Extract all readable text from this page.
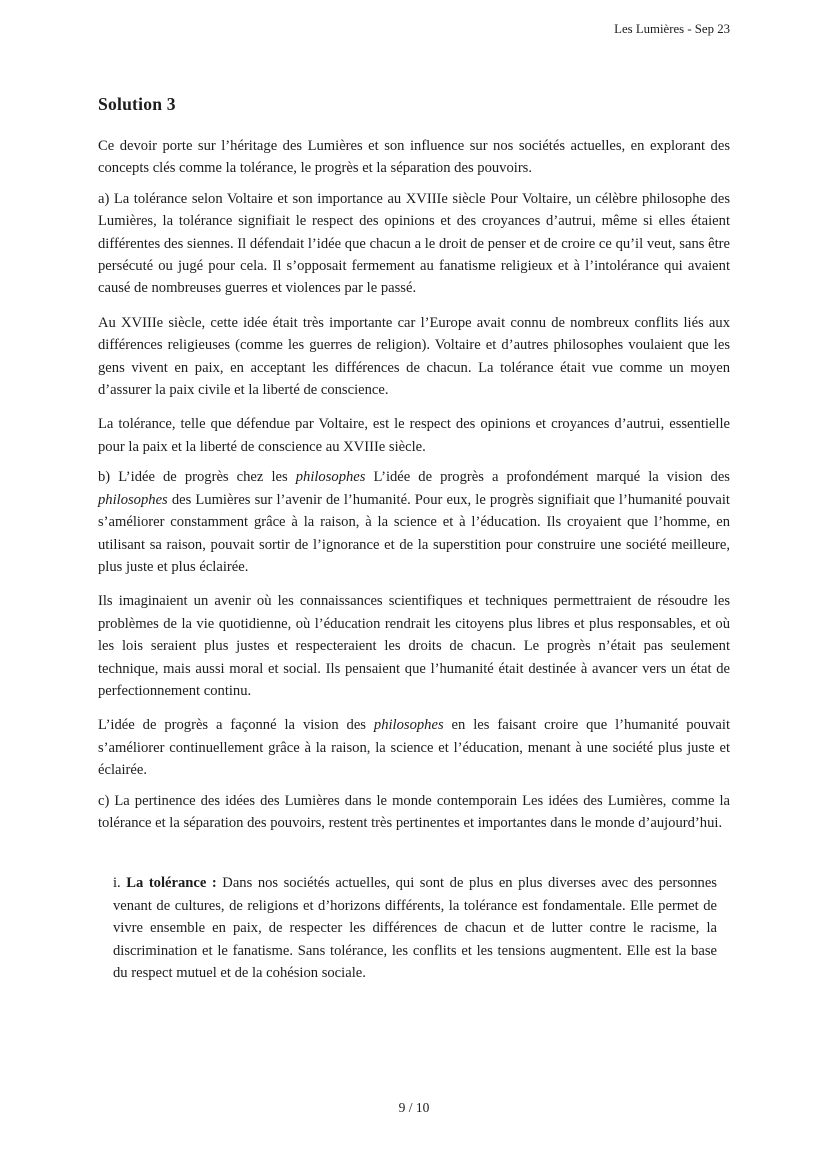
Les Lumières - Sep 23
Solution 3

Ce devoir porte sur l’héritage des Lumières et son influence sur nos sociétés actuelles, en explorant des concepts clés comme la tolérance, le progrès et la séparation des pouvoirs.

a) La tolérance selon Voltaire et son importance au XVIIIe siècle Pour Voltaire, un célèbre philosophe des Lumières, la tolérance signifiait le respect des opinions et des croyances d’autrui, même si elles étaient différentes des siennes. Il défendait l’idée que chacun a le droit de penser et de croire ce qu’il veut, sans être persécuté ou jugé pour cela. Il s’opposait fermement au fanatisme religieux et à l’intolérance qui avaient causé de nombreuses guerres et violences par le passé.

Au XVIIIe siècle, cette idée était très importante car l’Europe avait connu de nombreux conflits liés aux différences religieuses (comme les guerres de religion). Voltaire et d’autres philosophes voulaient que les gens vivent en paix, en acceptant les différences de chacun. La tolérance était vue comme un moyen d’assurer la paix civile et la liberté de conscience.

La tolérance, telle que défendue par Voltaire, est le respect des opinions et croyances d’autrui, essentielle pour la paix et la liberté de conscience au XVIIIe siècle.

b) L’idée de progrès chez les philosophes L’idée de progrès a profondément marqué la vision des philosophes des Lumières sur l’avenir de l’humanité. Pour eux, le progrès signifiait que l’humanité pouvait s’améliorer constamment grâce à la raison, à la science et à l’éducation. Ils croyaient que l’homme, en utilisant sa raison, pouvait sortir de l’ignorance et de la superstition pour construire une société meilleure, plus juste et plus éclairée.

Ils imaginaient un avenir où les connaissances scientifiques et techniques permettraient de résoudre les problèmes de la vie quotidienne, où l’éducation rendrait les citoyens plus libres et plus responsables, et où les lois seraient plus justes et respecteraient les droits de chacun. Le progrès n’était pas seulement technique, mais aussi moral et social. Ils pensaient que l’humanité était destinée à avancer vers un état de perfectionnement continu.

L’idée de progrès a façonné la vision des philosophes en les faisant croire que l’humanité pouvait s’améliorer continuellement grâce à la raison, la science et l’éducation, menant à une société plus juste et éclairée.

c) La pertinence des idées des Lumières dans le monde contemporain Les idées des Lumières, comme la tolérance et la séparation des pouvoirs, restent très pertinentes et importantes dans le monde d’aujourd’hui.

i. La tolérance : Dans nos sociétés actuelles, qui sont de plus en plus diverses avec des personnes venant de cultures, de religions et d’horizons différents, la tolérance est fondamentale. Elle permet de vivre ensemble en paix, de respecter les différences de chacun et de lutter contre le racisme, la discrimination et le fanatisme. Sans tolérance, les conflits et les tensions augmentent. Elle est la base du respect mutuel et de la cohésion sociale.

9 / 10
